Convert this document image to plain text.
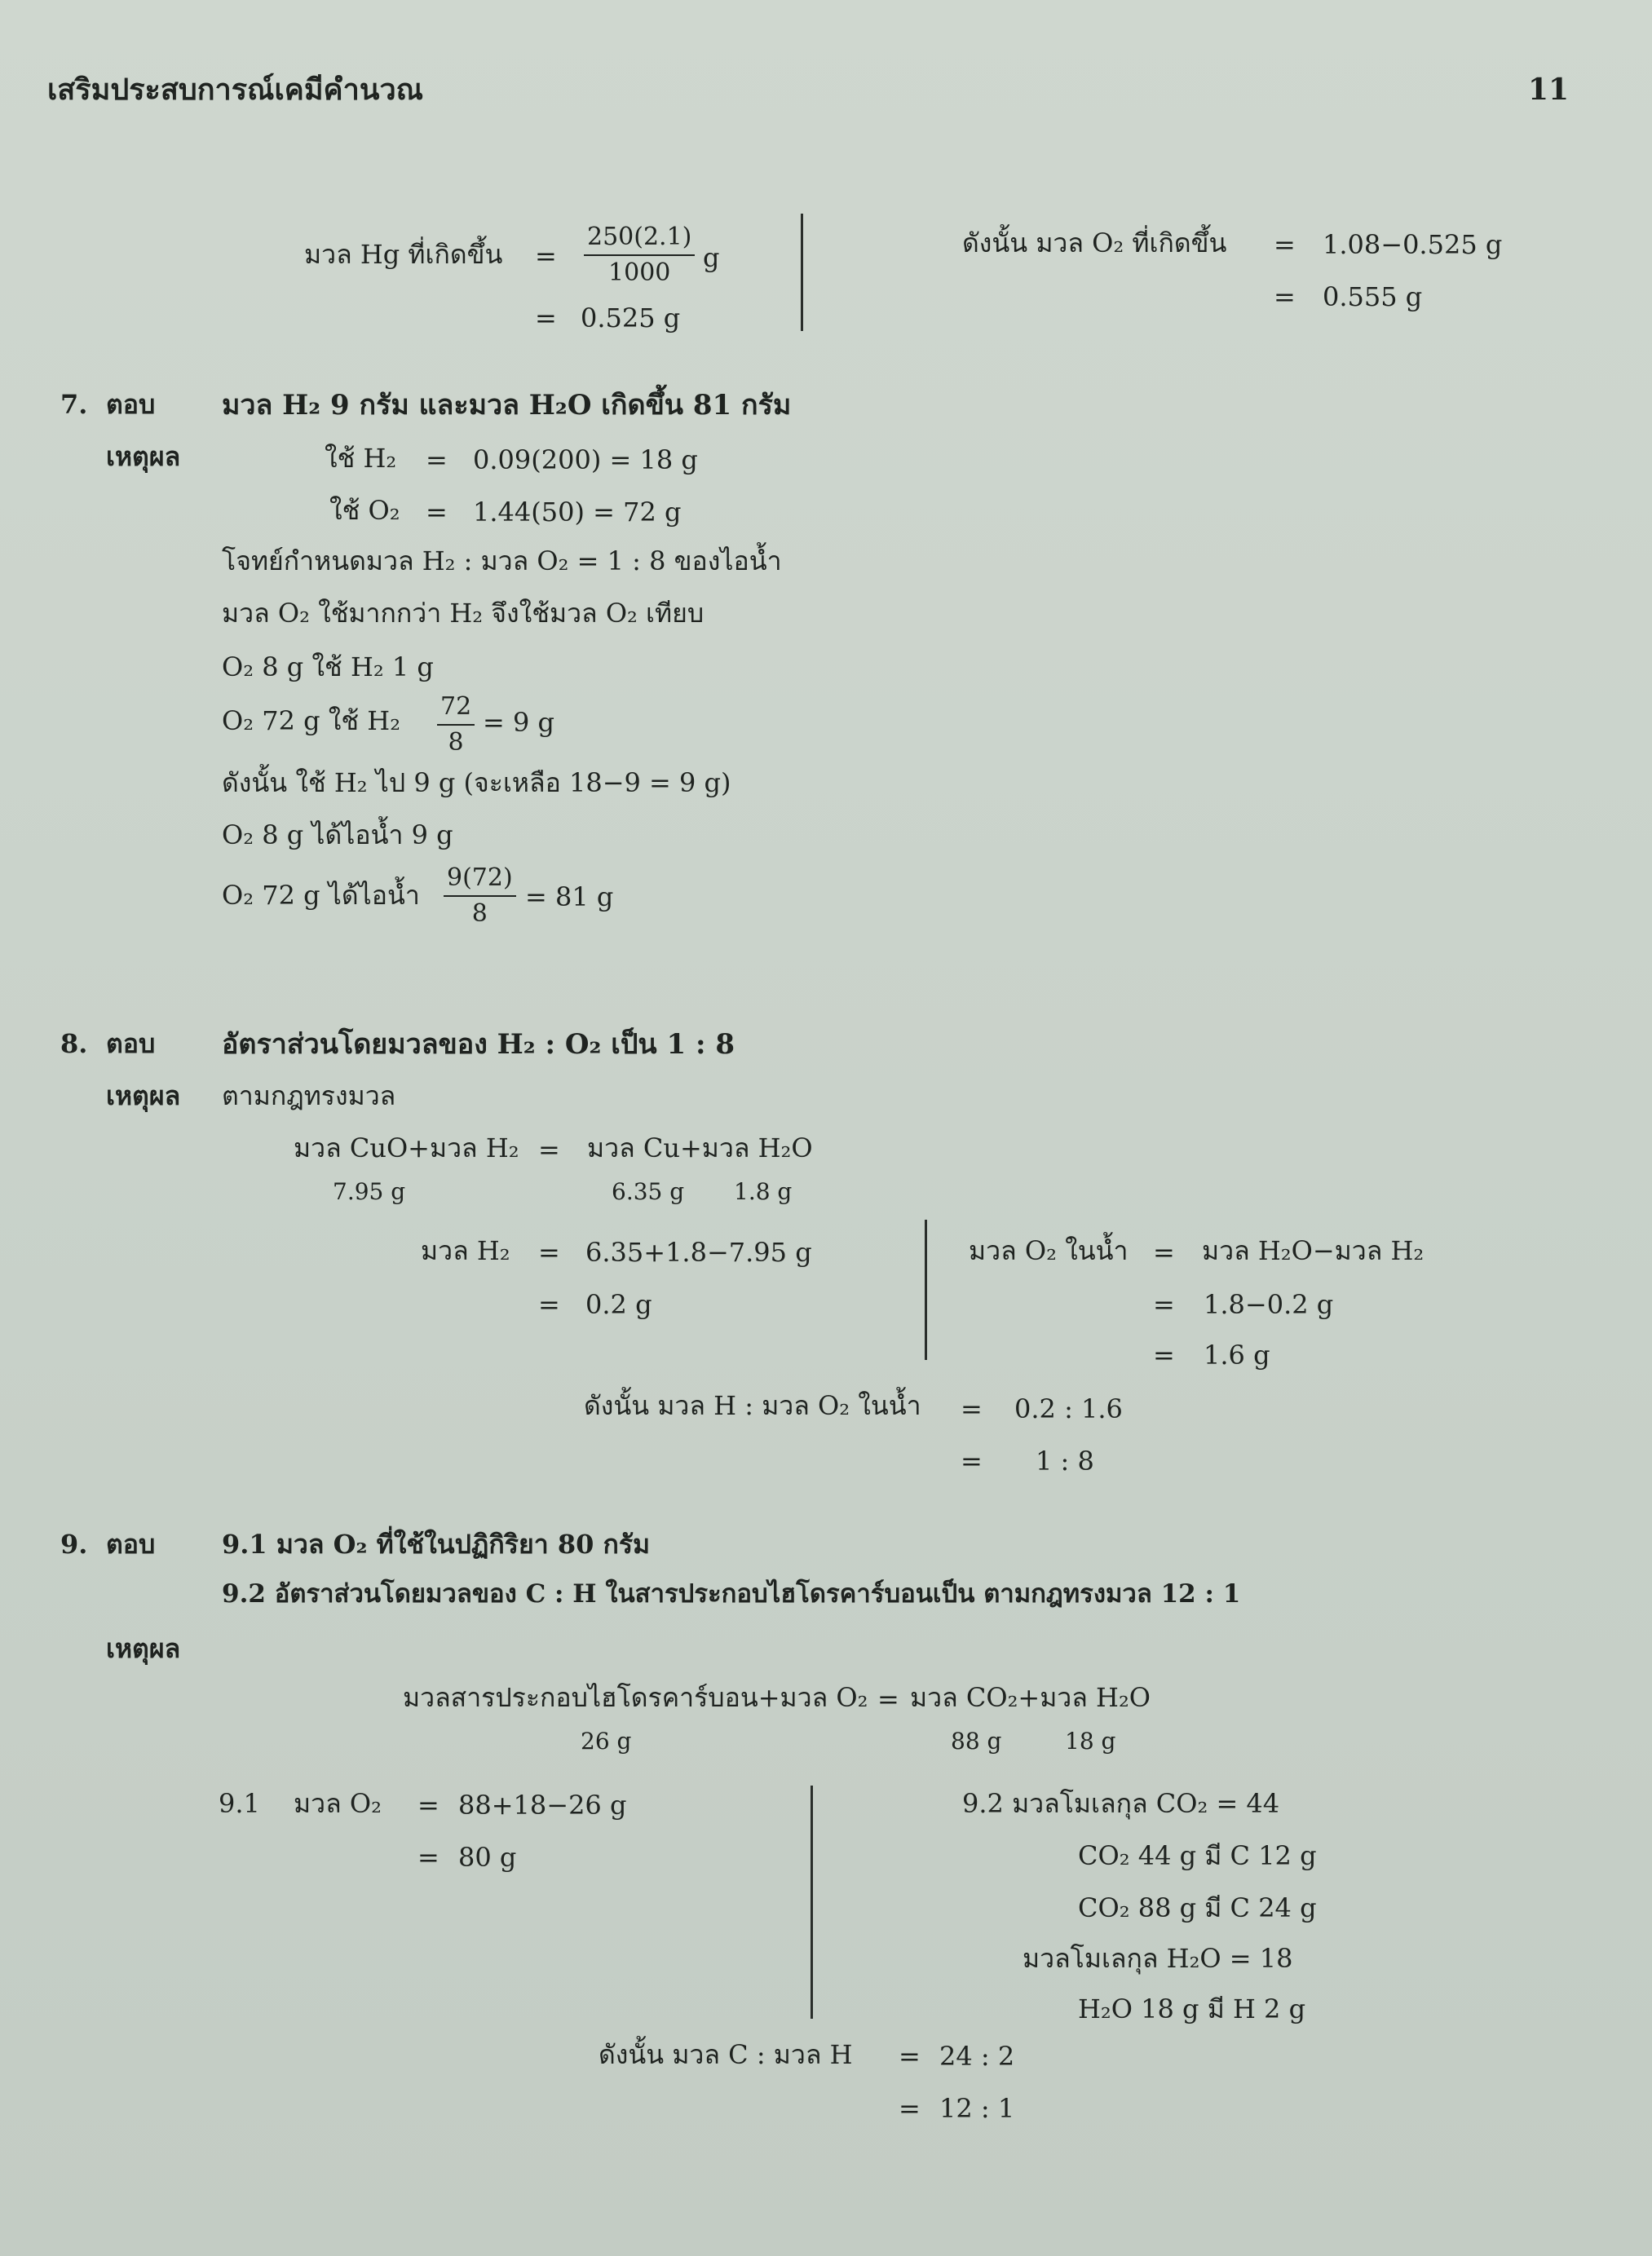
เสริมประสบการณ์เคมีคำนวณ	11
มวล Hg ที่เกิดขึ้น = $\frac{250(2.1)}{1000}$ g
= 0.525 g
ดังนั้น มวล O₂ ที่เกิดขึ้น = 1.08−0.525 g
= 0.555 g
7. ตอบ มวล H₂ 9 กรัม และมวล H₂O เกิดขึ้น 81 กรัม
เหตุผล	ใช้ H₂ = 0.09(200) = 18 g
ใช้ O₂ = 1.44(50) = 72 g
โจทย์กำหนดมวล H₂ : มวล O₂ = 1 : 8 ของไอน้ำ
มวล O₂ ใช้มากกว่า H₂ จึงใช้มวล O₂ เทียบ
O₂ 8 g ใช้ H₂ 1 g
O₂ 72 g ใช้ $H_2 \frac{72}{8} = 9$ g
ดังนั้น ใช้ H₂ ไป 9 g (จะเหลือ 18−9 = 9 g)
O₂ 8 g ได้ไอน้ำ 9 g
O₂ 72 g ได้ไอน้ำ $\frac{9(72)}{8} = 81$ g
8. ตอบ อัตราส่วนโดยมวลของ H₂ : O₂ เป็น 1 : 8
เหตุผล ตามกฎทรงมวล
มวล CuO+มวล H₂ = มวล Cu+มวล H₂O
7.95 g	6.35 g 1.8 g
มวล H₂ = 6.35+1.8−7.95 g
= 0.2 g
มวล O₂ ในน้ำ = มวล H₂O−มวล H₂
= 1.8−0.2 g
= 1.6 g
ดังนั้น มวล H : มวล O₂ ในน้ำ = 0.2 : 1.6
= 1 : 8
9. ตอบ	9.1 มวล O₂ ที่ใช้ในปฏิกิริยา 80 กรัม
9.2 อัตราส่วนโดยมวลของ C : H ในสารประกอบไฮโดรคาร์บอนเป็น ตามกฎทรงมวล 12 : 1
เหตุผล
มวลสารประกอบไฮโดรคาร์บอน+มวล O₂ = มวล CO₂+มวล H₂O
26 g	88 g	18 g
9.1 มวล O₂ = 88+18−26 g
= 80 g
9.2 มวลโมเลกุล CO₂ = 44
CO₂ 44 g มี C 12 g
CO₂ 88 g มี C 24 g
มวลโมเลกุล H₂O = 18
H₂O 18 g มี H 2 g
ดังนั้น มวล C : มวล H = 24 : 2
= 12 : 1
